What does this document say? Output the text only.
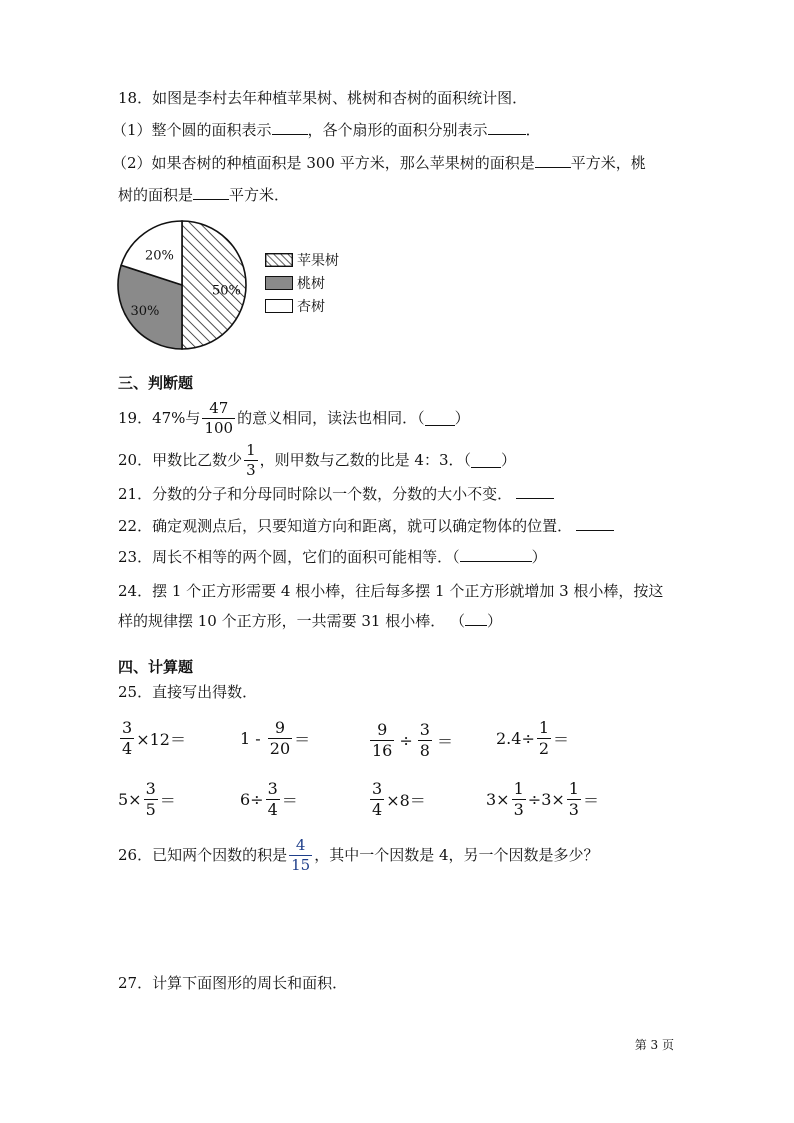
18．如图是李村去年种植苹果树、桃树和杏树的面积统计图．
（1）整个圆的面积表示 ，各个扇形的面积分别表示	．
（2）如果杏树的种植面积是 300 平方米，那么苹果树的面积是 平方米，桃
树的面积是 平方米．
50%
30%
20%	苹果树
桃树
杏树
三、判断题
19．47%与 $\frac{47}{100}$ 的意义相同，读法也相同．（ ）
20．甲数比乙数少 $\frac{1}{3}$ ，则甲数与乙数的比是 4：3．（ ）
21．分数的分子和分母同时除以一个数，分数的大小不变．
22．确定观测点后，只要知道方向和距离，就可以确定物体的位置．
23．周长不相等的两个圆，它们的面积可能相等．（	）
24．摆 1 个正方形需要 4 根小棒，往后每多摆 1 个正方形就增加 3 根小棒，按这
样的规律摆 10 个正方形，一共需要 31 根小棒． （ ）
四、计算题
25．直接写出得数．
$\frac{3}{4} \times 12=$	$1 - \frac{9}{20}$ ＝	$\frac{9}{16} \div \frac{3}{8}$ ＝	$2.4\div \frac{1}{2}$ ＝
$5\times \frac{3}{5}$ ＝	$6\div \frac{3}{4}$ ＝	$\frac{3}{4} \times 8=$	$3\times \frac{1}{3} \div 3\times \frac{1}{3}$ ＝
26．已知两个因数的积是 $\frac{4}{15}$ ，其中一个因数是 4，另一个因数是多少？
27．计算下面图形的周长和面积．
第 3 页
